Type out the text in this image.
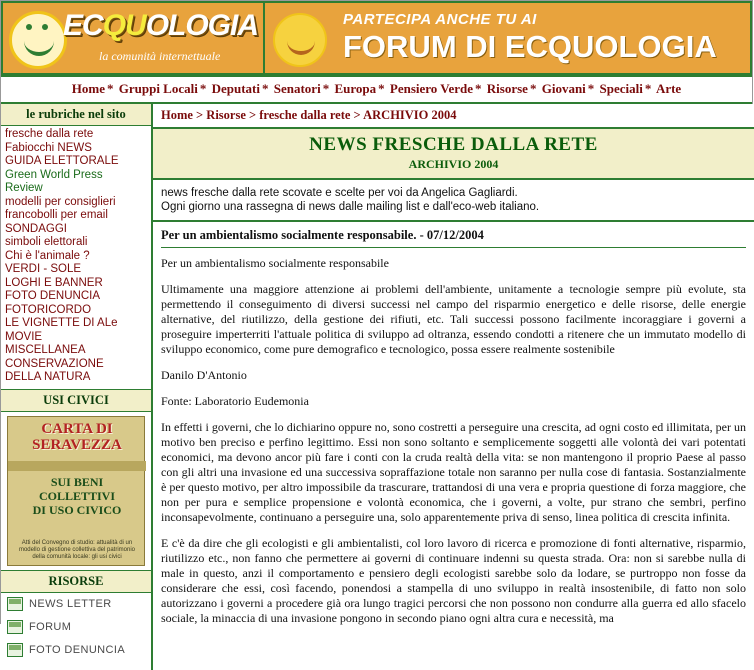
ECQUOLOGIA
la comunità internettuale
PARTECIPA ANCHE TU AI
FORUM DI ECQUOLOGIA
Home * Gruppi Locali * Deputati * Senatori * Europa * Pensiero Verde * Risorse * Giovani * Speciali * Arte
le rubriche nel sito
fresche dalla rete
Fabiocchi NEWS
GUIDA ELETTORALE
Green World Press
Review
modelli per consiglieri
francobolli per email
SONDAGGI
simboli elettorali
Chi è l'animale ?
VERDI - SOLE
LOGHI E BANNER
FOTO DENUNCIA
FOTORICORDO
LE VIGNETTE DI ALe
MOVIE
MISCELLANEA
CONSERVAZIONE
DELLA NATURA
USI CIVICI
CARTA DI
SERAVEZZA
SUI BENI
COLLETTIVI
DI USO CIVICO
Atti del Convegno di studio: attualità di un modello di gestione collettiva del patrimonio della comunità locale: gli usi civici
RISORSE
NEWS LETTER
FORUM
FOTO DENUNCIA
Home > Risorse > fresche dalla rete > ARCHIVIO 2004
NEWS FRESCHE DALLA RETE
ARCHIVIO 2004
news fresche dalla rete scovate e scelte per voi da Angelica Gagliardi.
Ogni giorno una rassegna di news dalle mailing list e dall'eco-web italiano.
Per un ambientalismo socialmente responsabile. - 07/12/2004

Per un ambientalismo socialmente responsabile

Ultimamente una maggiore attenzione ai problemi dell'ambiente, unitamente a tecnologie sempre più evolute, sta permettendo il conseguimento di diversi successi nel campo del risparmio energetico e delle risorse, delle energie alternative, del riutilizzo, della gestione dei rifiuti, etc. Tali successi possono facilmente incoraggiare i governi a proseguire imperterriti l'attuale politica di sviluppo ad oltranza, essendo condotti a ritenere che un immutato modello di sviluppo economico, come pure demografico e tecnologico, possa essere realmente sostenibile

Danilo D'Antonio

Fonte: Laboratorio Eudemonia

In effetti i governi, che lo dichiarino oppure no, sono costretti a perseguire una crescita, ad ogni costo ed illimitata, per un motivo ben preciso e perfino legittimo. Essi non sono soltanto e semplicemente soggetti alle volontà dei vari potentati economici, ma devono ancor più fare i conti con la cruda realtà della vita: se non mantengono il proprio Paese al passo con gli altri una invasione ed una successiva sopraffazione totale non saranno per nulla cose di fantasia. Sostanzialmente è per questo motivo, per altro impossibile da trascurare, trattandosi di una vera e propria questione di forza maggiore, che non per pura e semplice propensione e volontà economica, che i governi, a volte, pur strano che sembri, perfino inconsapevolmente, continuano a perseguire una, solo apparentemente priva di senso, linea politica di crescita infinita.

E c'è da dire che gli ecologisti e gli ambientalisti, col loro lavoro di ricerca e promozione di fonti alternative, risparmio, riutilizzo etc., non fanno che permettere ai governi di continuare indenni su questa strada. Ora: non si sarebbe nulla di male in questo, anzi il comportamento e pensiero degli ecologisti sarebbe solo da lodare, se purtroppo non fosse da considerare che essi, così facendo, ponendosi a stampella di uno sviluppo in realtà insostenibile, di fatto non solo autorizzano i governi a procedere già ora lungo tragici percorsi che non possono non condurre alla guerra ed allo sfacelo sociale, la minaccia di una invasione pongono in secondo piano ogni altra cura e necessità, ma
